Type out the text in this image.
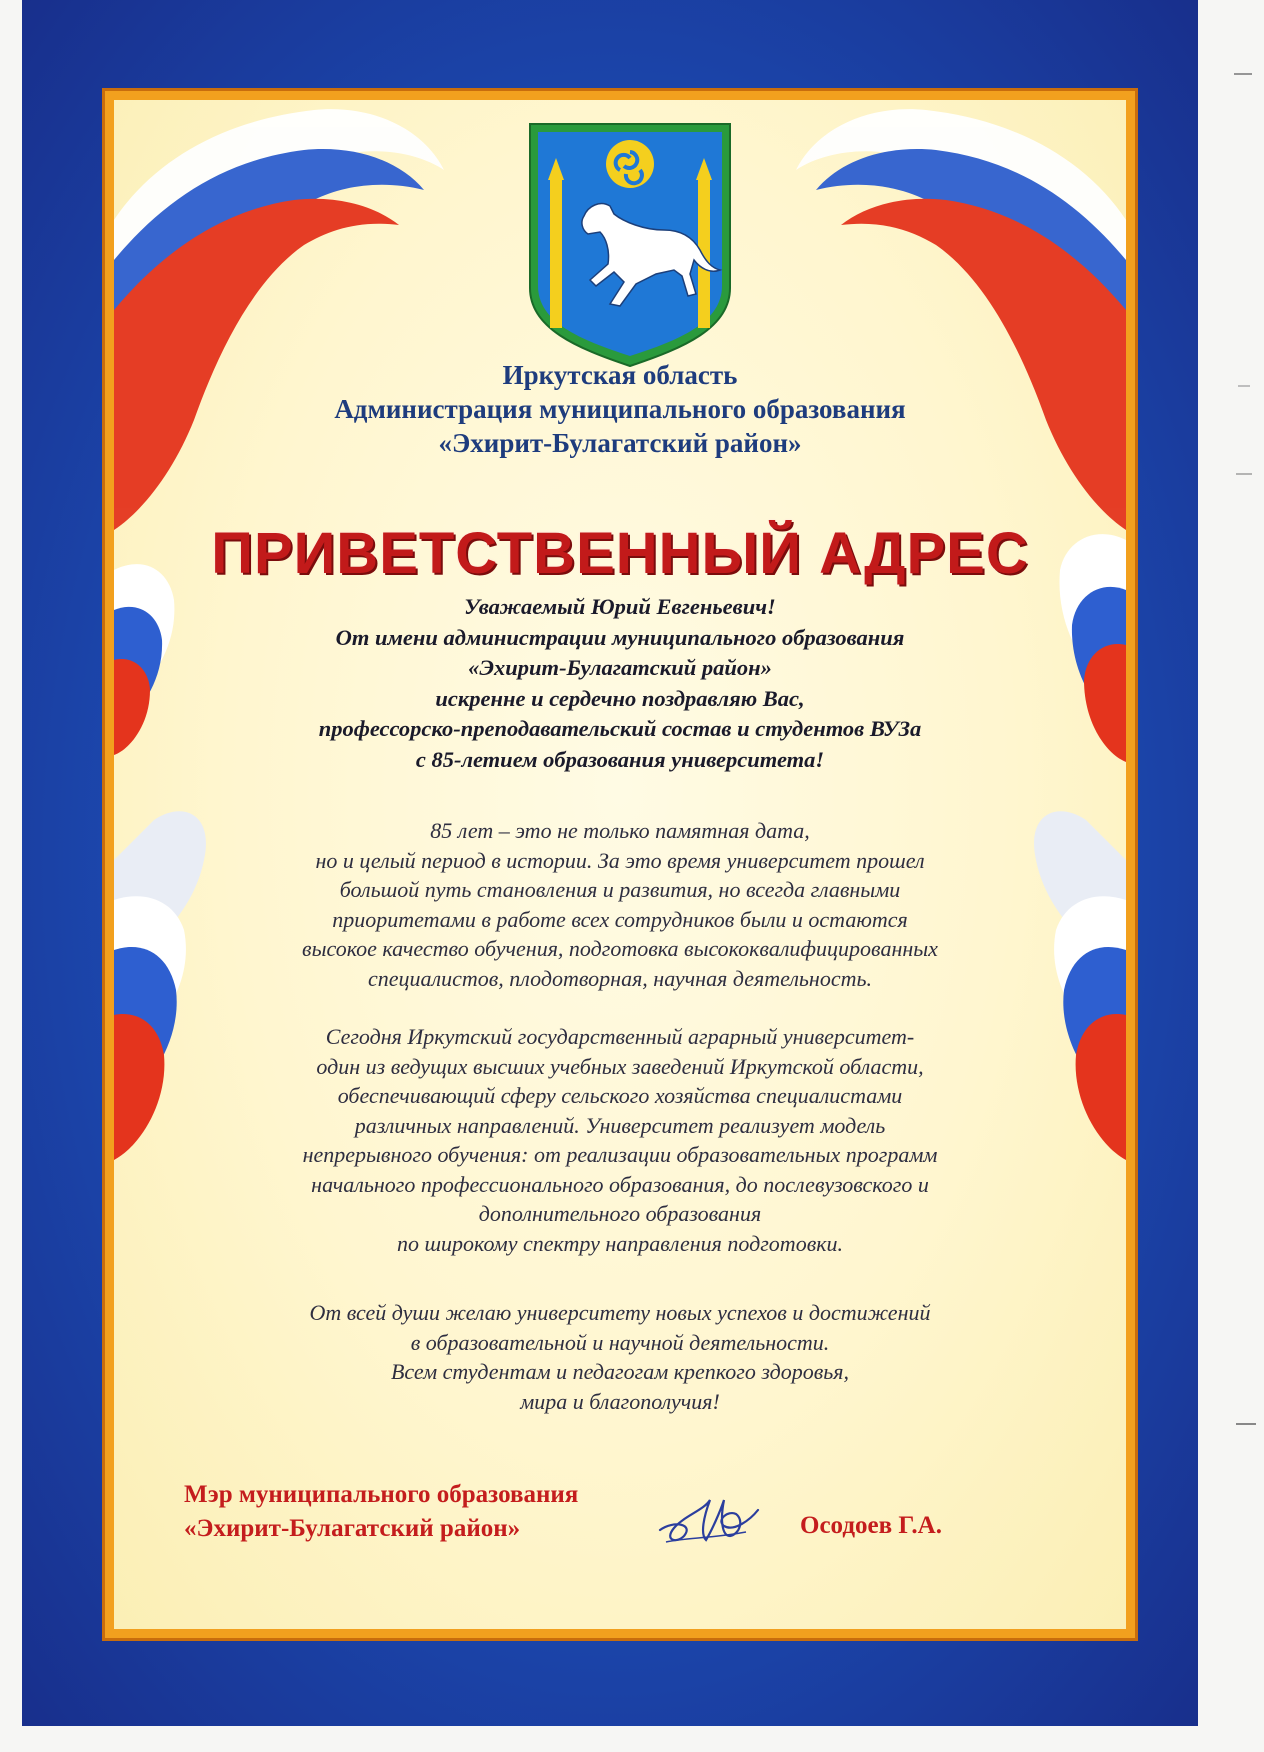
Иркутская область
Администрация муниципального образования
«Эхирит-Булагатский район»
ПРИВЕТСТВЕННЫЙ АДРЕС
Уважаемый Юрий Евгеньевич!
От имени администрации муниципального образования
«Эхирит-Булагатский район»
искренне и сердечно поздравляю Вас,
профессорско-преподавательский состав и студентов ВУЗа
с 85-летием образования университета!
85 лет – это не только памятная дата,
но и целый период в истории. За это время университет прошел
большой путь становления и развития, но всегда главными
приоритетами в работе всех сотрудников были и остаются
высокое качество обучения, подготовка высококвалифицированных
специалистов, плодотворная, научная деятельность.
Сегодня Иркутский государственный аграрный университет-
один из ведущих высших учебных заведений Иркутской области,
обеспечивающий сферу сельского хозяйства специалистами
различных направлений. Университет реализует модель
непрерывного обучения: от реализации образовательных программ
начального профессионального образования, до послевузовского и
дополнительного образования
по широкому спектру направления подготовки.
От всей души желаю университету новых успехов и достижений
в образовательной и научной деятельности.
Всем студентам и педагогам крепкого здоровья,
мира и благополучия!
Мэр муниципального образования
«Эхирит-Булагатский район»	Осодоев Г.А.
